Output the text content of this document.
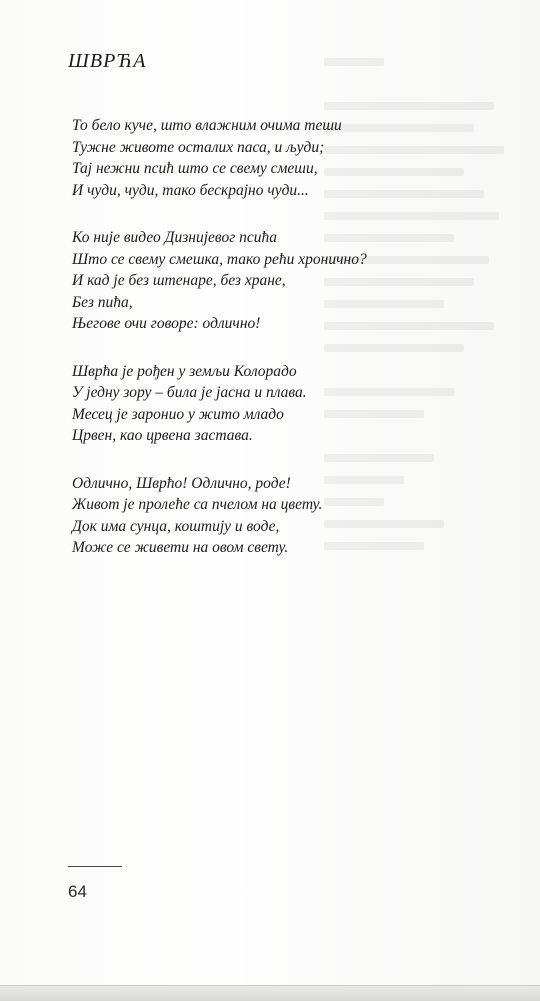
ШВРЋА
То бело куче, што влажним очима теши
Тужне животе осталих паса, и људи;
Тај нежни псић што се свему смеши,
И чуди, чуди, тако бескрајно чуди...
Ко није видео Дизнијевог псића
Што се свему смешка, тако рећи хронично?
И кад је без штенаре, без хране,
Без пића,
Његове очи говоре: одлично!
Шврћа је рођен у земљи Колорадо
У једну зору – била је јасна и плава.
Месец је заронио у жито младо
Црвен, као црвена застава.
Одлично, Шврћо! Одлично, роде!
Живот је пролеће са пчелом на цвету.
Док има сунца, коштију и воде,
Може се живети на овом свету.
64
